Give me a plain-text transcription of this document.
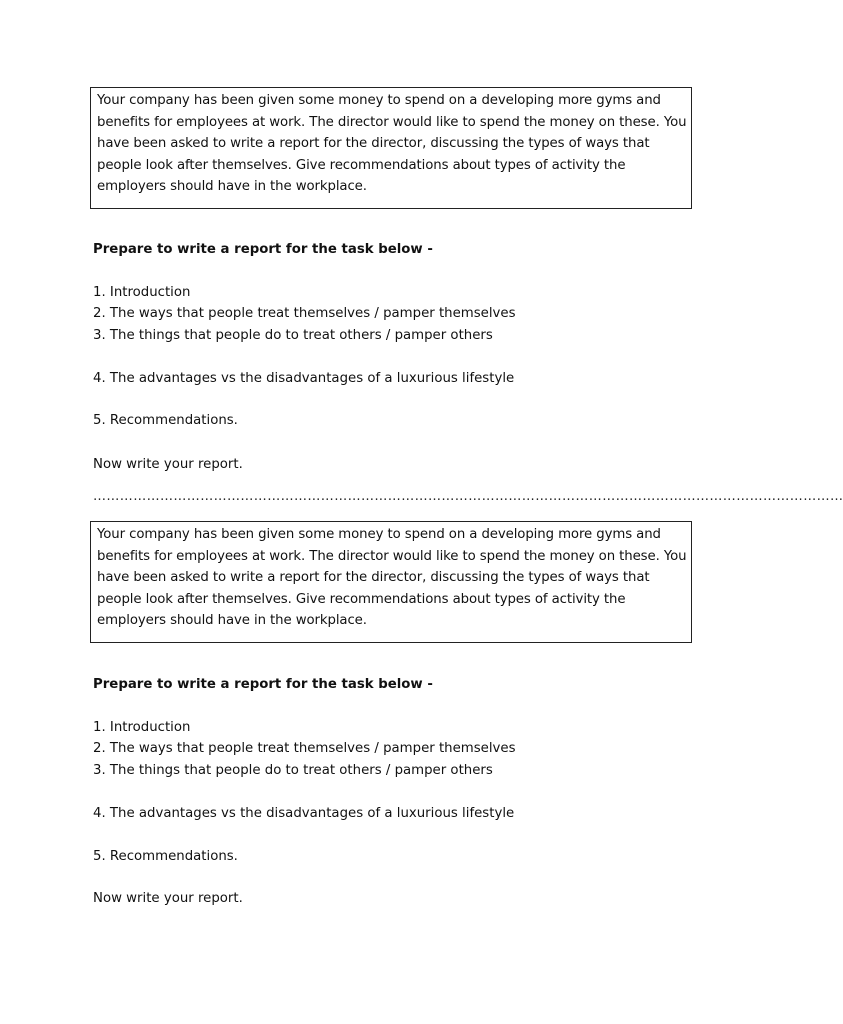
Your company has been given some money to spend on a developing more gyms and
benefits for employees at work. The director would like to spend the money on these. You
have been asked to write a report for the director, discussing the types of ways that
people look after themselves. Give recommendations about types of activity the
employers should have in the workplace.
Prepare to write a report for the task below -
1. Introduction
2. The ways that people treat themselves / pamper themselves
3. The things that people do to treat others / pamper others
4. The advantages vs the disadvantages of a luxurious lifestyle
5. Recommendations.
Now write your report.
……………………………………………………………………………………………………………………………………………………
Your company has been given some money to spend on a developing more gyms and
benefits for employees at work. The director would like to spend the money on these. You
have been asked to write a report for the director, discussing the types of ways that
people look after themselves. Give recommendations about types of activity the
employers should have in the workplace.
Prepare to write a report for the task below -
1. Introduction
2. The ways that people treat themselves / pamper themselves
3. The things that people do to treat others / pamper others
4. The advantages vs the disadvantages of a luxurious lifestyle
5. Recommendations.
Now write your report.
